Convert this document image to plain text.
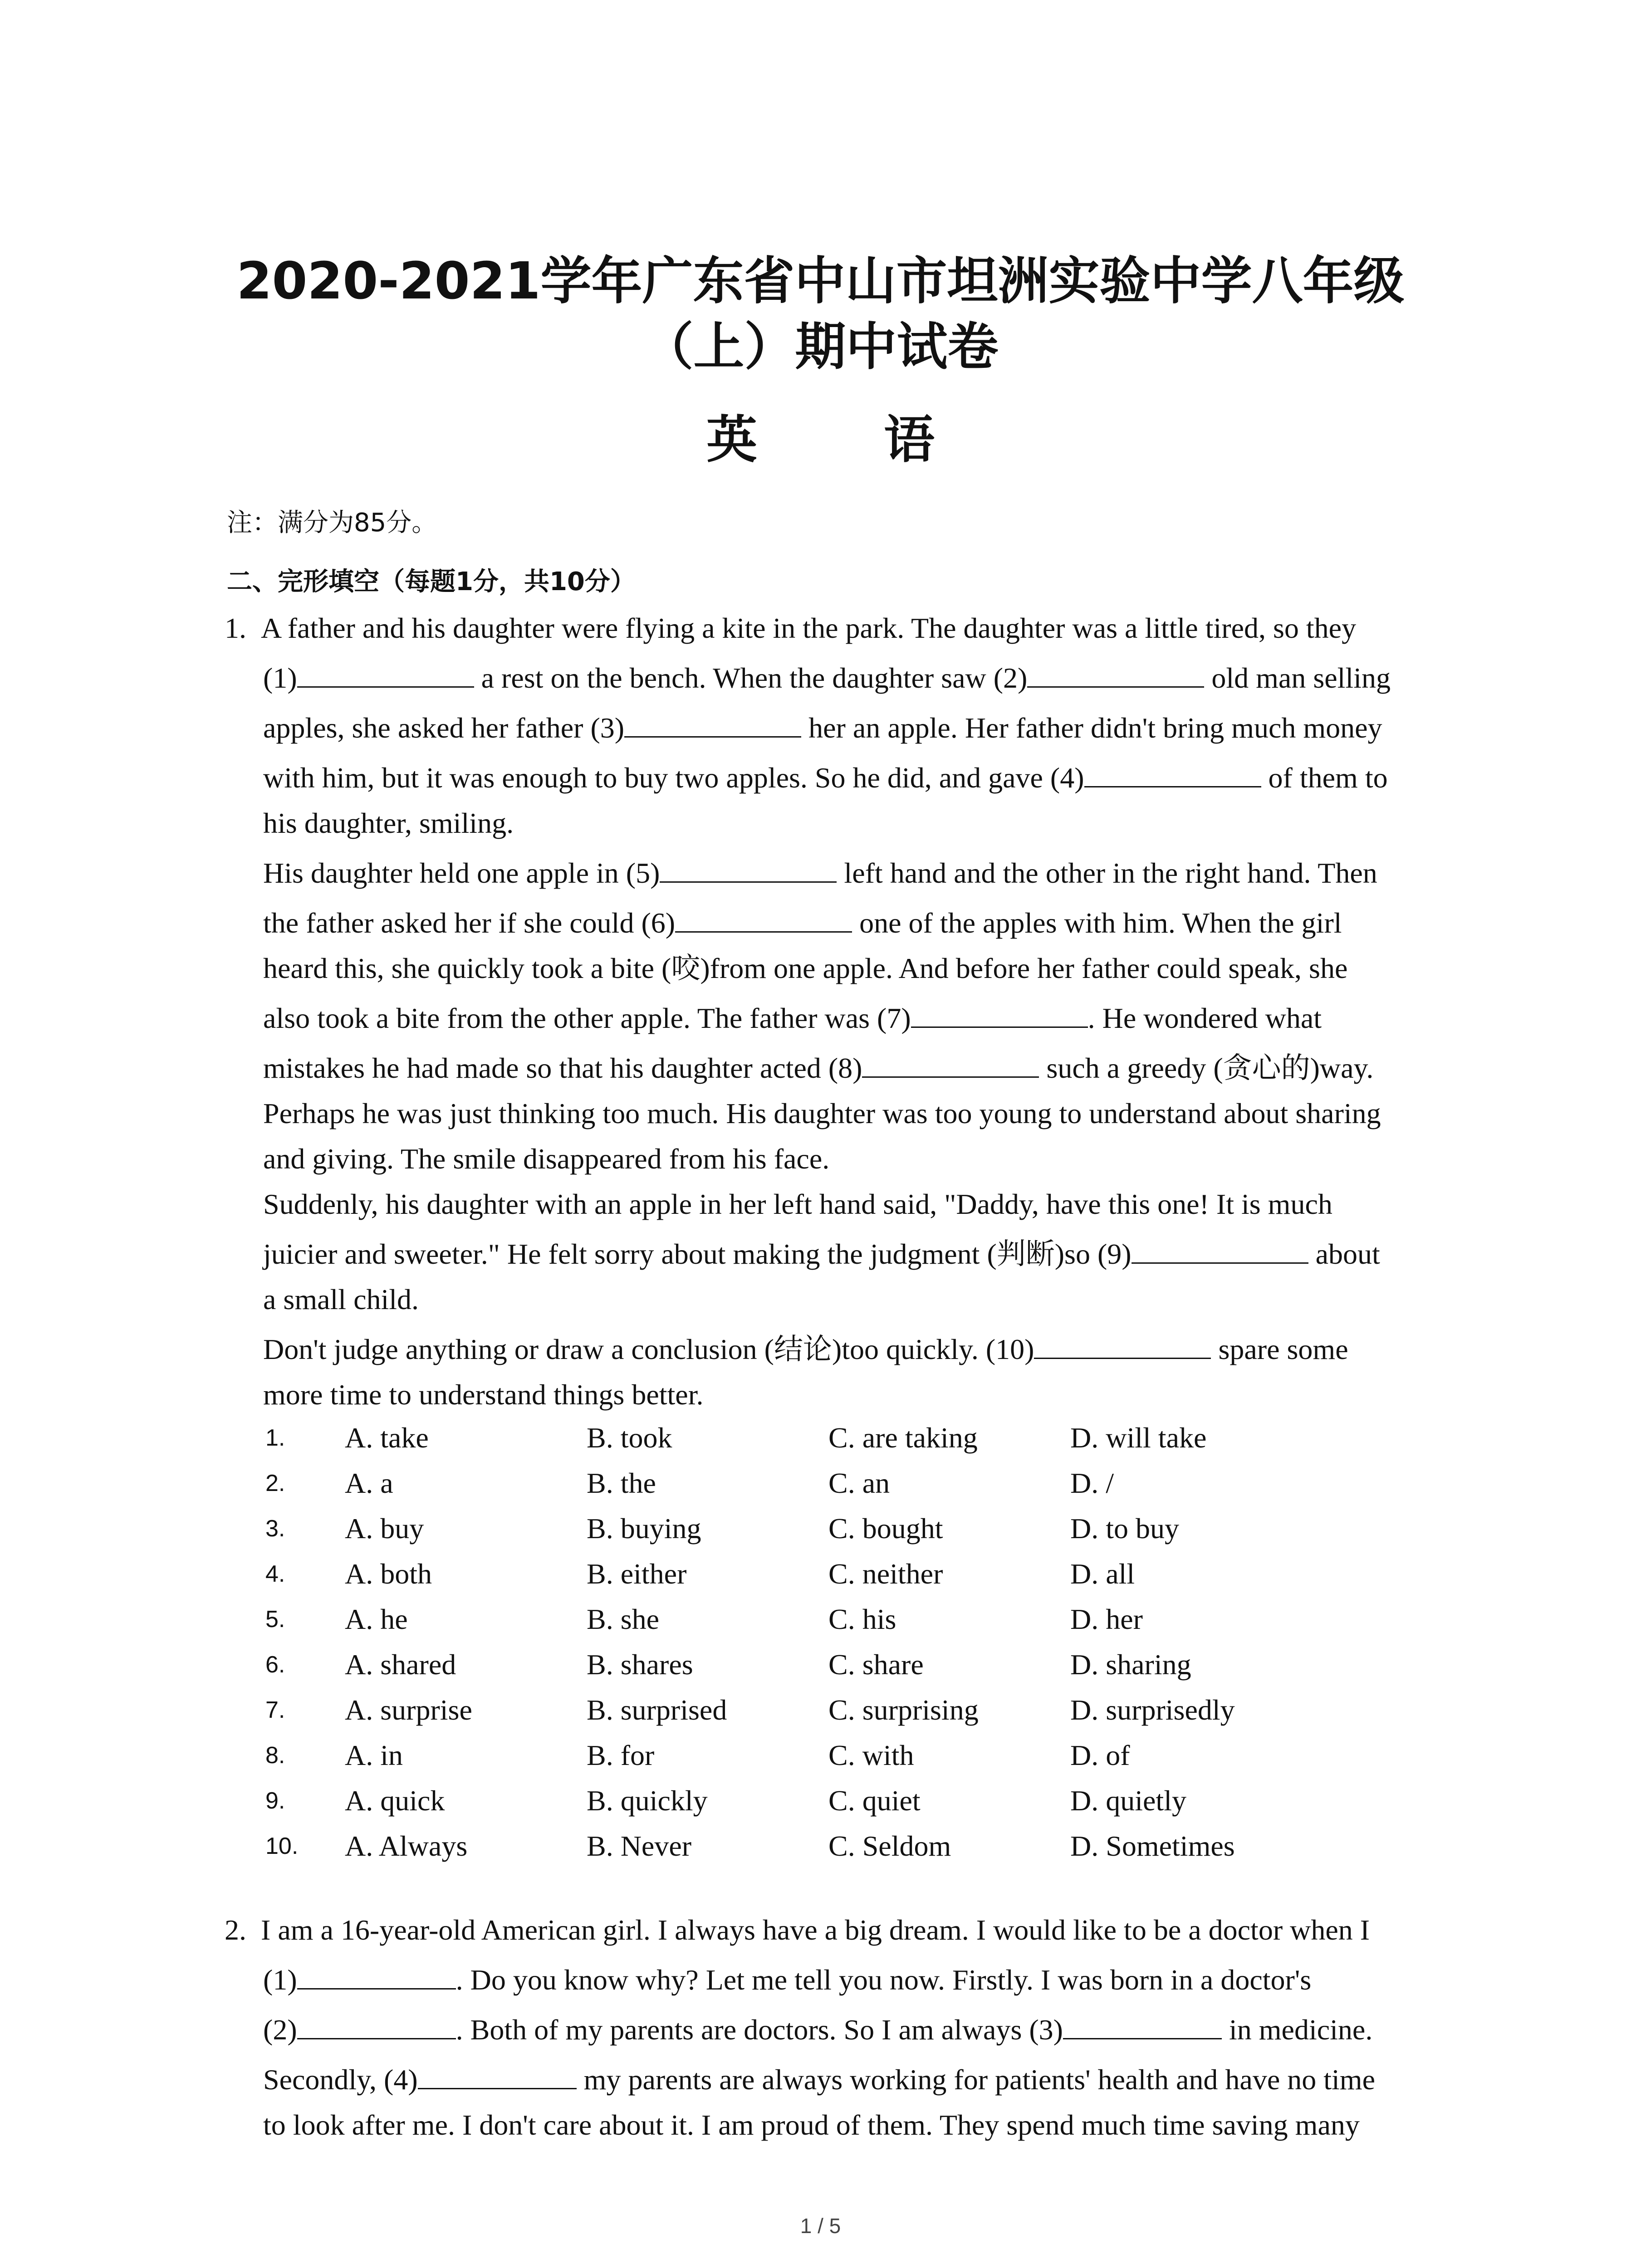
2020-2021学年广东省中山市坦洲实验中学八年级
（上）期中试卷
英 语
注：满分为85分。
二、完形填空（每题1分，共10分）
1. A father and his daughter were flying a kite in the park. The daughter was a little tired, so they
(1)	a rest on the bench. When the daughter saw (2)	old man selling
apples, she asked her father (3)	her an apple. Her father didn't bring much money
with him, but it was enough to buy two apples. So he did, and gave (4)	of them to
his daughter, smiling.
His daughter held one apple in (5)	left hand and the other in the right hand. Then
the father asked her if she could (6)	one of the apples with him. When the girl
heard this, she quickly took a bite (咬)from one apple. And before her father could speak, she
also took a bite from the other apple. The father was (7)	. He wondered what
mistakes he had made so that his daughter acted (8)	such a greedy (贪心的)way.
Perhaps he was just thinking too much. His daughter was too young to understand about sharing
and giving. The smile disappeared from his face.
Suddenly, his daughter with an apple in her left hand said, "Daddy, have this one! It is much
juicier and sweeter." He felt sorry about making the judgment (判断)so (9)	about
a small child.
Don't judge anything or draw a conclusion (结论)too quickly. (10)	spare some
more time to understand things better.
1. A. take	B. took	C. are taking	D. will take
2. A. a	B. the	C. an	D. /
3. A. buy	B. buying	C. bought	D. to buy
4. A. both	B. either	C. neither	D. all
5. A. he	B. she	C. his	D. her
6. A. shared	B. shares	C. share	D. sharing
7. A. surprise	B. surprised	C. surprising	D. surprisedly
8. A. in	B. for	C. with	D. of
9. A. quick	B. quickly	C. quiet	D. quietly
10. A. Always	B. Never	C. Seldom	D. Sometimes
2. I am a 16-year-old American girl. I always have a big dream. I would like to be a doctor when I
(1)	. Do you know why? Let me tell you now. Firstly. I was born in a doctor's
(2)	. Both of my parents are doctors. So I am always (3)	in medicine.
Secondly, (4)	my parents are always working for patients' health and have no time
to look after me. I don't care about it. I am proud of them. They spend much time saving many
1 / 5
